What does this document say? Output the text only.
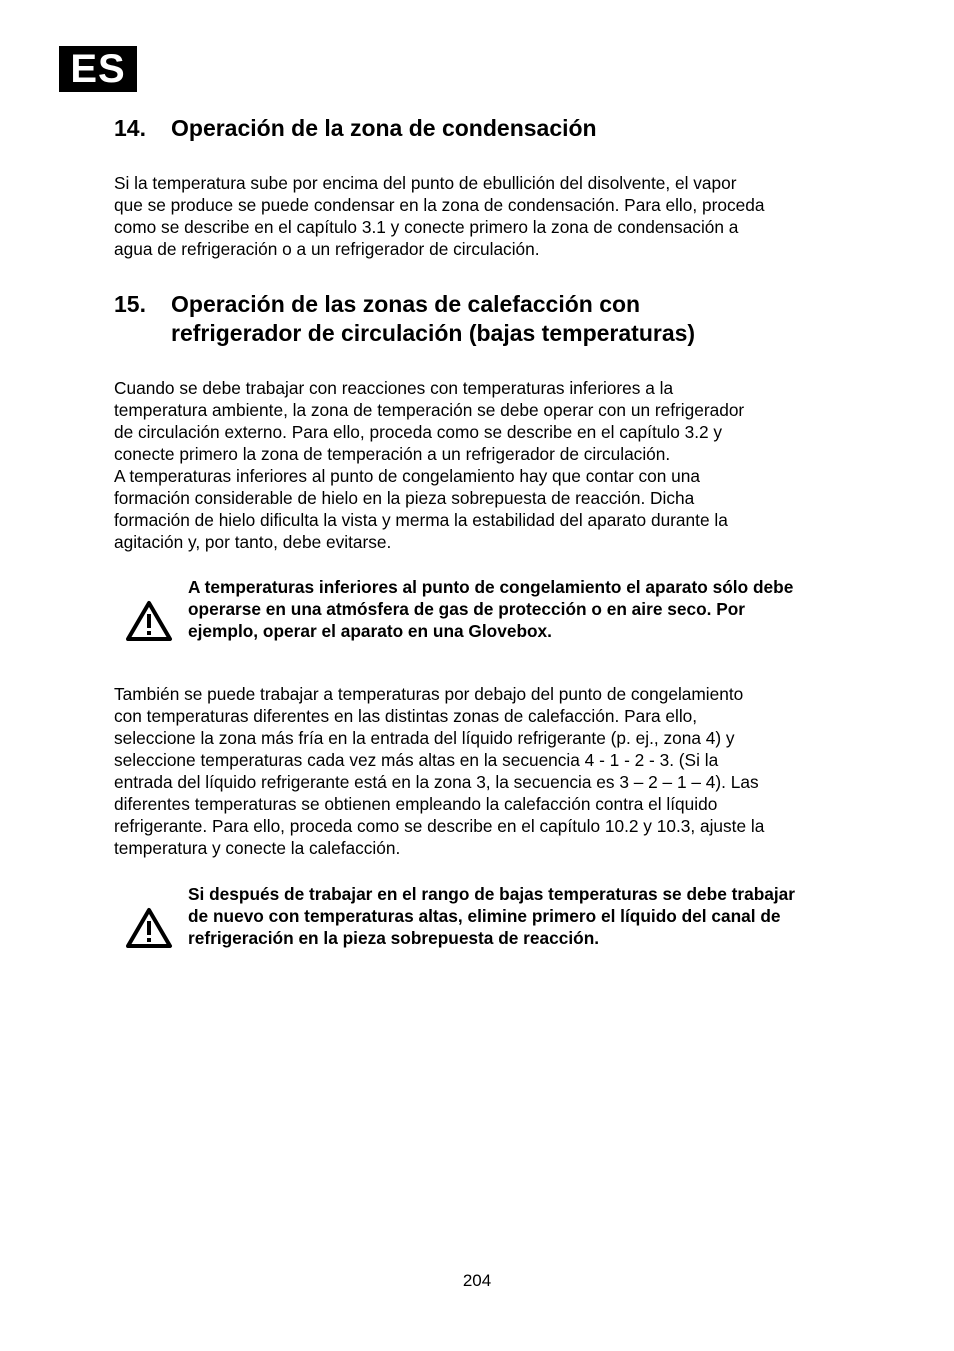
ES
14.	Operación de la zona de condensación
Si la temperatura sube por encima del punto de ebullición del disolvente, el vapor
que se produce se puede condensar en la zona de condensación. Para ello, proceda
como se describe en el capítulo 3.1 y conecte primero la zona de condensación a
agua de refrigeración o a un refrigerador de circulación.
15.	Operación de las zonas de calefacción con
refrigerador de circulación (bajas temperaturas)
Cuando se debe trabajar con reacciones con temperaturas inferiores a la
temperatura ambiente, la zona de temperación se debe operar con un refrigerador
de circulación externo. Para ello, proceda como se describe en el capítulo 3.2 y
conecte primero la zona de temperación a un refrigerador de circulación.
A temperaturas inferiores al punto de congelamiento hay que contar con una
formación considerable de hielo en la pieza sobrepuesta de reacción. Dicha
formación de hielo dificulta la vista y merma la estabilidad del aparato durante la
agitación y, por tanto, debe evitarse.
A temperaturas inferiores al punto de congelamiento el aparato sólo debe
operarse en una atmósfera de gas de protección o en aire seco. Por
ejemplo, operar el aparato en una Glovebox.
También se puede trabajar a temperaturas por debajo del punto de congelamiento
con temperaturas diferentes en las distintas zonas de calefacción. Para ello,
seleccione la zona más fría en la entrada del líquido refrigerante (p. ej., zona 4) y
seleccione temperaturas cada vez más altas en la secuencia 4 - 1 - 2 - 3. (Si la
entrada del líquido refrigerante está en la zona 3, la secuencia es 3 – 2 – 1 – 4). Las
diferentes temperaturas se obtienen empleando la calefacción contra el líquido
refrigerante. Para ello, proceda como se describe en el capítulo 10.2 y 10.3, ajuste la
temperatura y conecte la calefacción.
Si después de trabajar en el rango de bajas temperaturas se debe trabajar
de nuevo con temperaturas altas, elimine primero el líquido del canal de
refrigeración en la pieza sobrepuesta de reacción.
204
